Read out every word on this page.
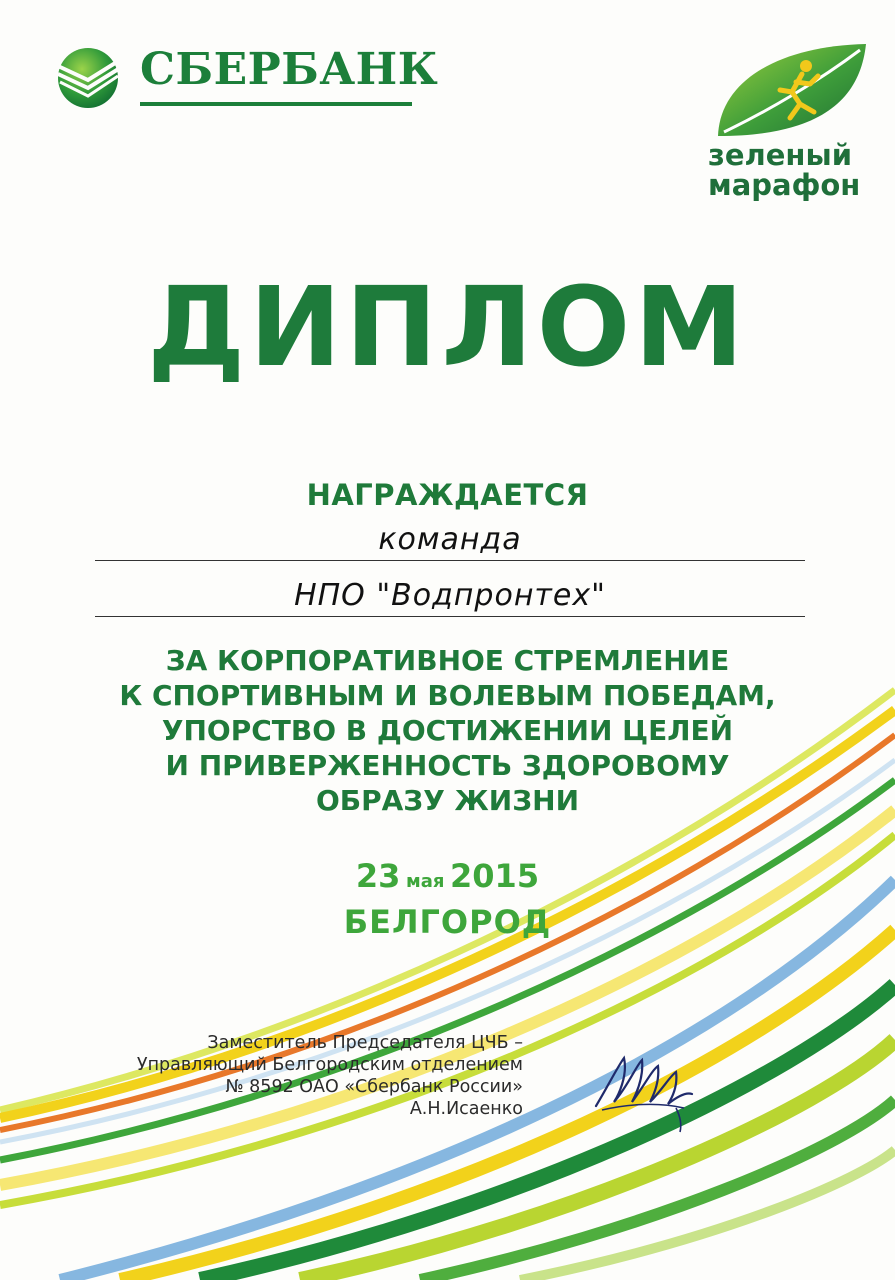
СБЕРБАНК
зеленый
марафон
ДИПЛОМ
НАГРАЖДАЕТСЯ
команда
НПО "Водпронтех"
ЗА КОРПОРАТИВНОЕ СТРЕМЛЕНИЕ
К СПОРТИВНЫМ И ВОЛЕВЫМ ПОБЕДАМ,
УПОРСТВО В ДОСТИЖЕНИИ ЦЕЛЕЙ
И ПРИВЕРЖЕННОСТЬ ЗДОРОВОМУ
ОБРАЗУ ЖИЗНИ
23 мая 2015
БЕЛГОРОД
Заместитель Председателя ЦЧБ –
Управляющий Белгородским отделением
№ 8592 ОАО «Сбербанк России»
А.Н.Исаенко
